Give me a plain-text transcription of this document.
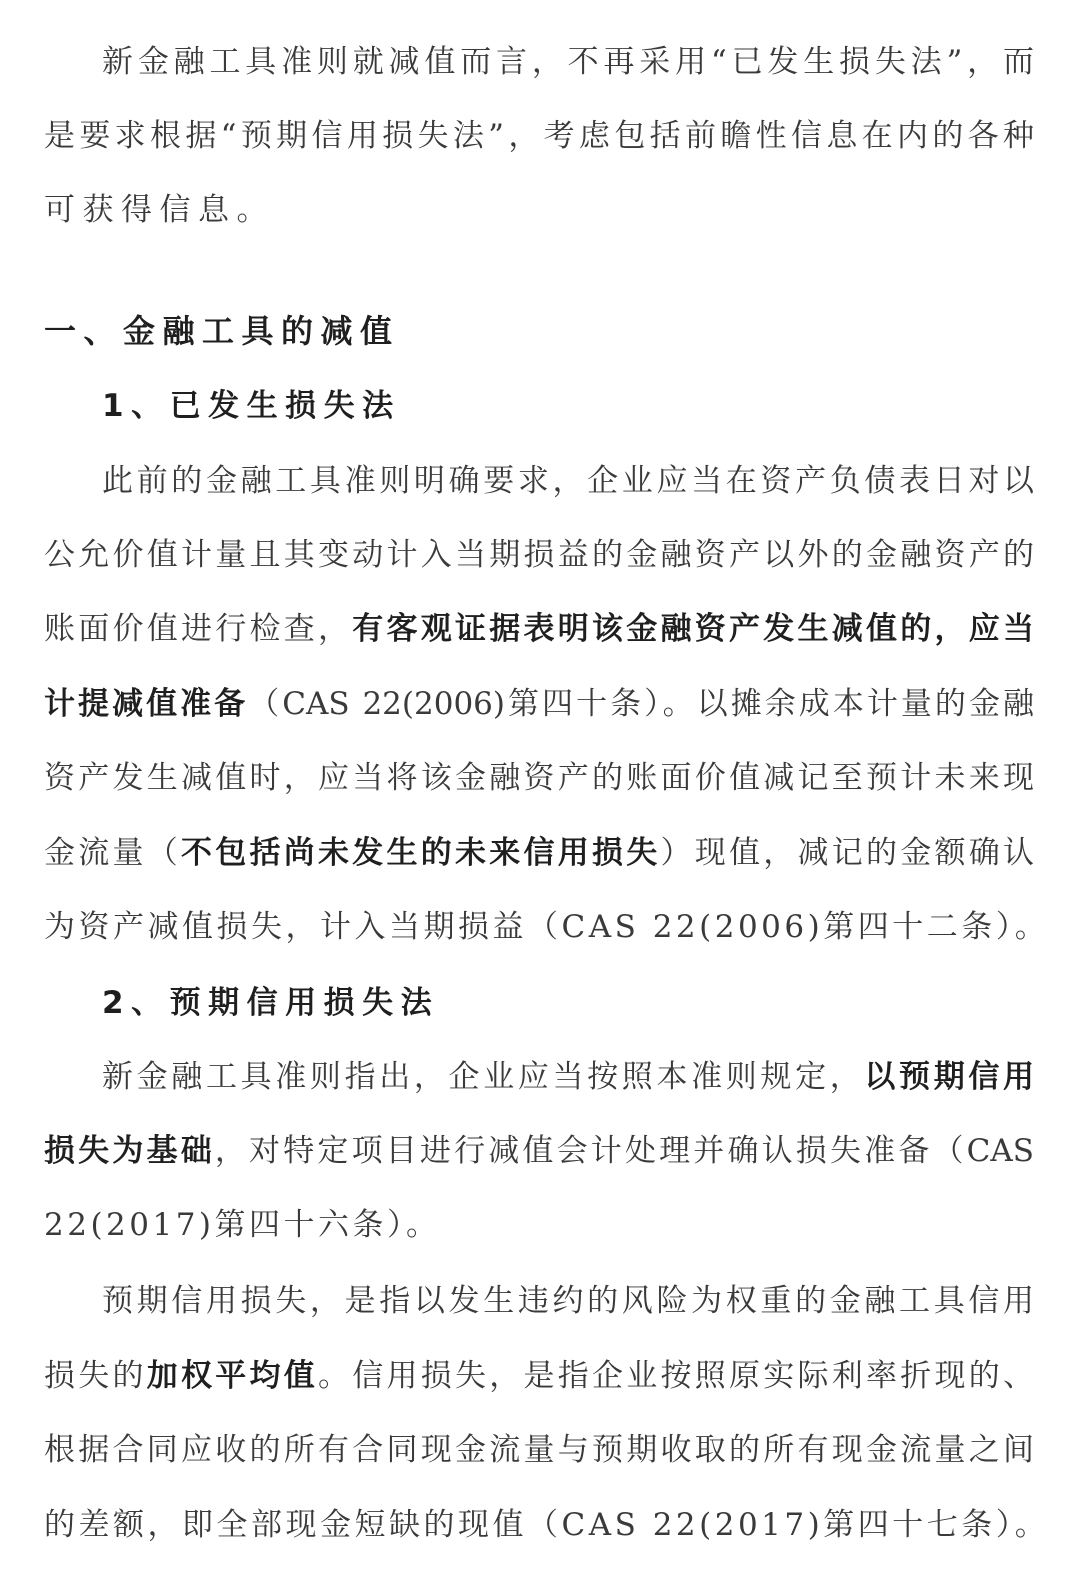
新金融工具准则就减值而言，不再采用“已发生损失法”，而
是要求根据“预期信用损失法”，考虑包括前瞻性信息在内的各种
可获得信息。
一、金融工具的减值
1、已发生损失法
此前的金融工具准则明确要求，企业应当在资产负债表日对以
公允价值计量且其变动计入当期损益的金融资产以外的金融资产的
账面价值进行检查，有客观证据表明该金融资产发生减值的，应当
计提减值准备（CAS 22(2006)第四十条）。以摊余成本计量的金融
资产发生减值时，应当将该金融资产的账面价值减记至预计未来现
金流量（不包括尚未发生的未来信用损失）现值，减记的金额确认
为资产减值损失，计入当期损益（CAS 22(2006)第四十二条）。
2、预期信用损失法
新金融工具准则指出，企业应当按照本准则规定，以预期信用
损失为基础，对特定项目进行减值会计处理并确认损失准备（CAS
22(2017)第四十六条）。
预期信用损失，是指以发生违约的风险为权重的金融工具信用
损失的加权平均值。信用损失，是指企业按照原实际利率折现的、
根据合同应收的所有合同现金流量与预期收取的所有现金流量之间
的差额，即全部现金短缺的现值（CAS 22(2017)第四十七条）。
